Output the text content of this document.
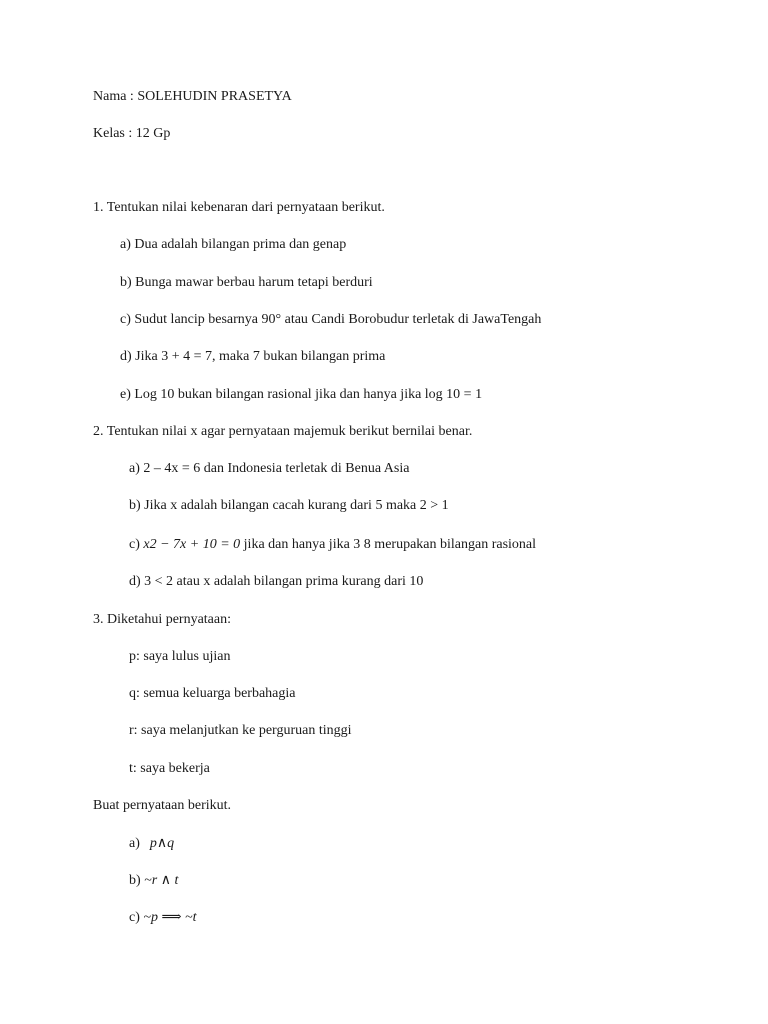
Nama : SOLEHUDIN PRASETYA
Kelas : 12 Gp
1. Tentukan nilai kebenaran dari pernyataan berikut.
a) Dua adalah bilangan prima dan genap
b) Bunga mawar berbau harum tetapi berduri
c) Sudut lancip besarnya 90° atau Candi Borobudur terletak di JawaTengah
d) Jika 3 + 4 = 7, maka 7 bukan bilangan prima
e) Log 10 bukan bilangan rasional jika dan hanya jika log 10 = 1
2. Tentukan nilai x agar pernyataan majemuk berikut bernilai benar.
a) 2 – 4x = 6 dan Indonesia terletak di Benua Asia
b) Jika x adalah bilangan cacah kurang dari 5 maka 2 > 1
c) x2 − 7x + 10 = 0 jika dan hanya jika 3 8 merupakan bilangan rasional
d) 3 < 2 atau x adalah bilangan prima kurang dari 10
3. Diketahui pernyataan:
p: saya lulus ujian
q: semua keluarga berbahagia
r: saya melanjutkan ke perguruan tinggi
t: saya bekerja
Buat pernyataan berikut.
a) p∧q
b) ~r ∧ t
c) ~p ⟹ ~t
